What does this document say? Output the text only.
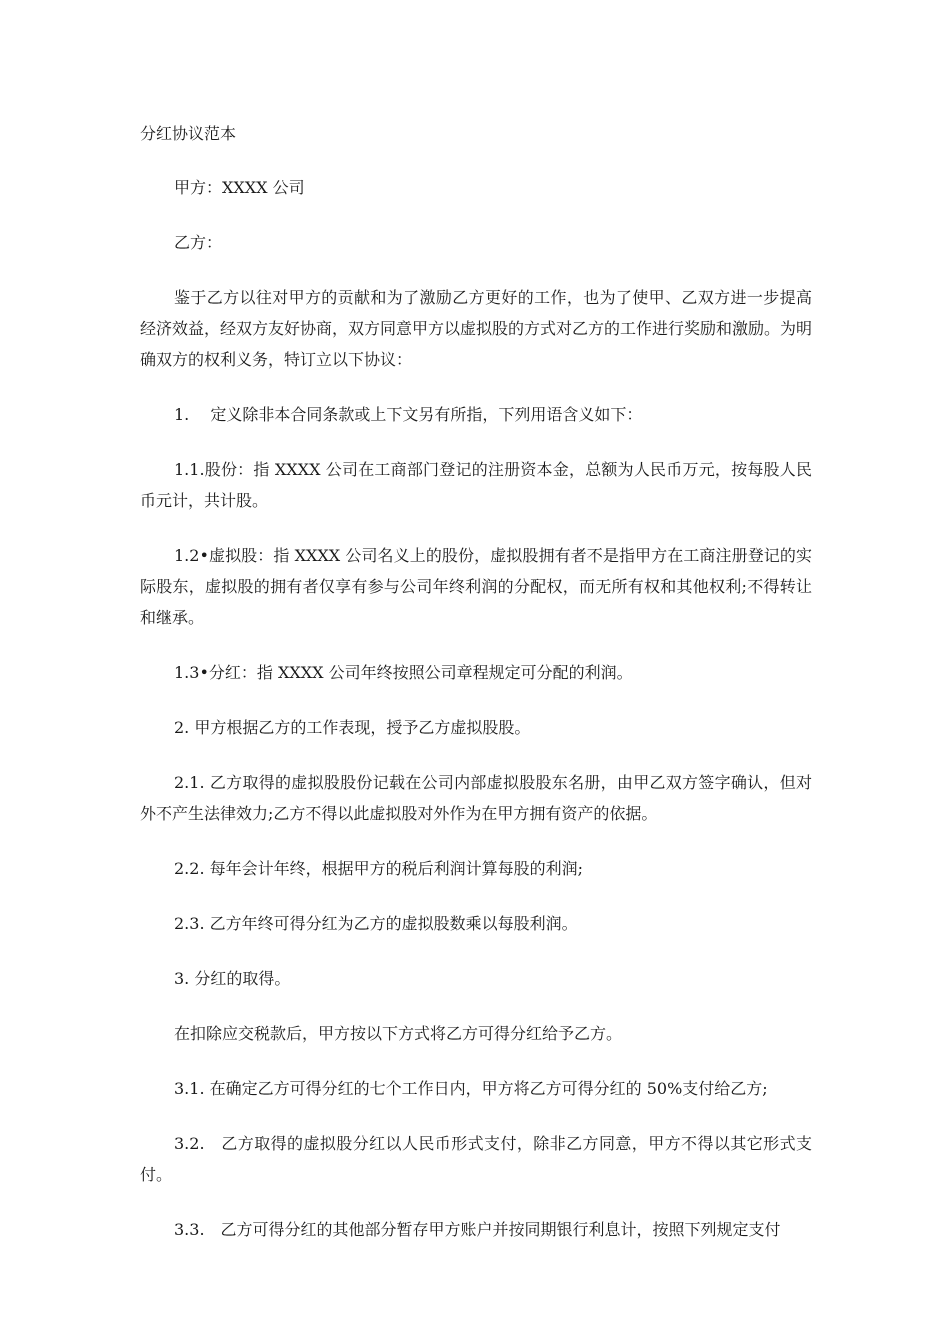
分红协议范本

甲方：XXXX 公司

乙方：

鉴于乙方以往对甲方的贡献和为了激励乙方更好的工作，也为了使甲、乙双方进一步提高经济效益，经双方友好协商，双方同意甲方以虚拟股的方式对乙方的工作进行奖励和激励。为明确双方的权利义务，特订立以下协议：

1.　 定义除非本合同条款或上下文另有所指，下列用语含义如下：

1.1.股份：指 XXXX 公司在工商部门登记的注册资本金，总额为人民币万元，按每股人民币元计，共计股。

1.2•虚拟股：指 XXXX 公司名义上的股份，虚拟股拥有者不是指甲方在工商注册登记的实际股东，虚拟股的拥有者仅享有参与公司年终利润的分配权，而无所有权和其他权利;不得转让和继承。

1.3•分红：指 XXXX 公司年终按照公司章程规定可分配的利润。

2. 甲方根据乙方的工作表现，授予乙方虚拟股股。

2.1. 乙方取得的虚拟股股份记载在公司内部虚拟股股东名册，由甲乙双方签字确认，但对外不产生法律效力;乙方不得以此虚拟股对外作为在甲方拥有资产的依据。

2.2. 每年会计年终，根据甲方的税后利润计算每股的利润;

2.3. 乙方年终可得分红为乙方的虚拟股数乘以每股利润。

3. 分红的取得。

在扣除应交税款后，甲方按以下方式将乙方可得分红给予乙方。

3.1. 在确定乙方可得分红的七个工作日内，甲方将乙方可得分红的 50%支付给乙方;

3.2.　乙方取得的虚拟股分红以人民币形式支付，除非乙方同意，甲方不得以其它形式支付。

3.3.　乙方可得分红的其他部分暂存甲方账户并按同期银行利息计，按照下列规定支付
